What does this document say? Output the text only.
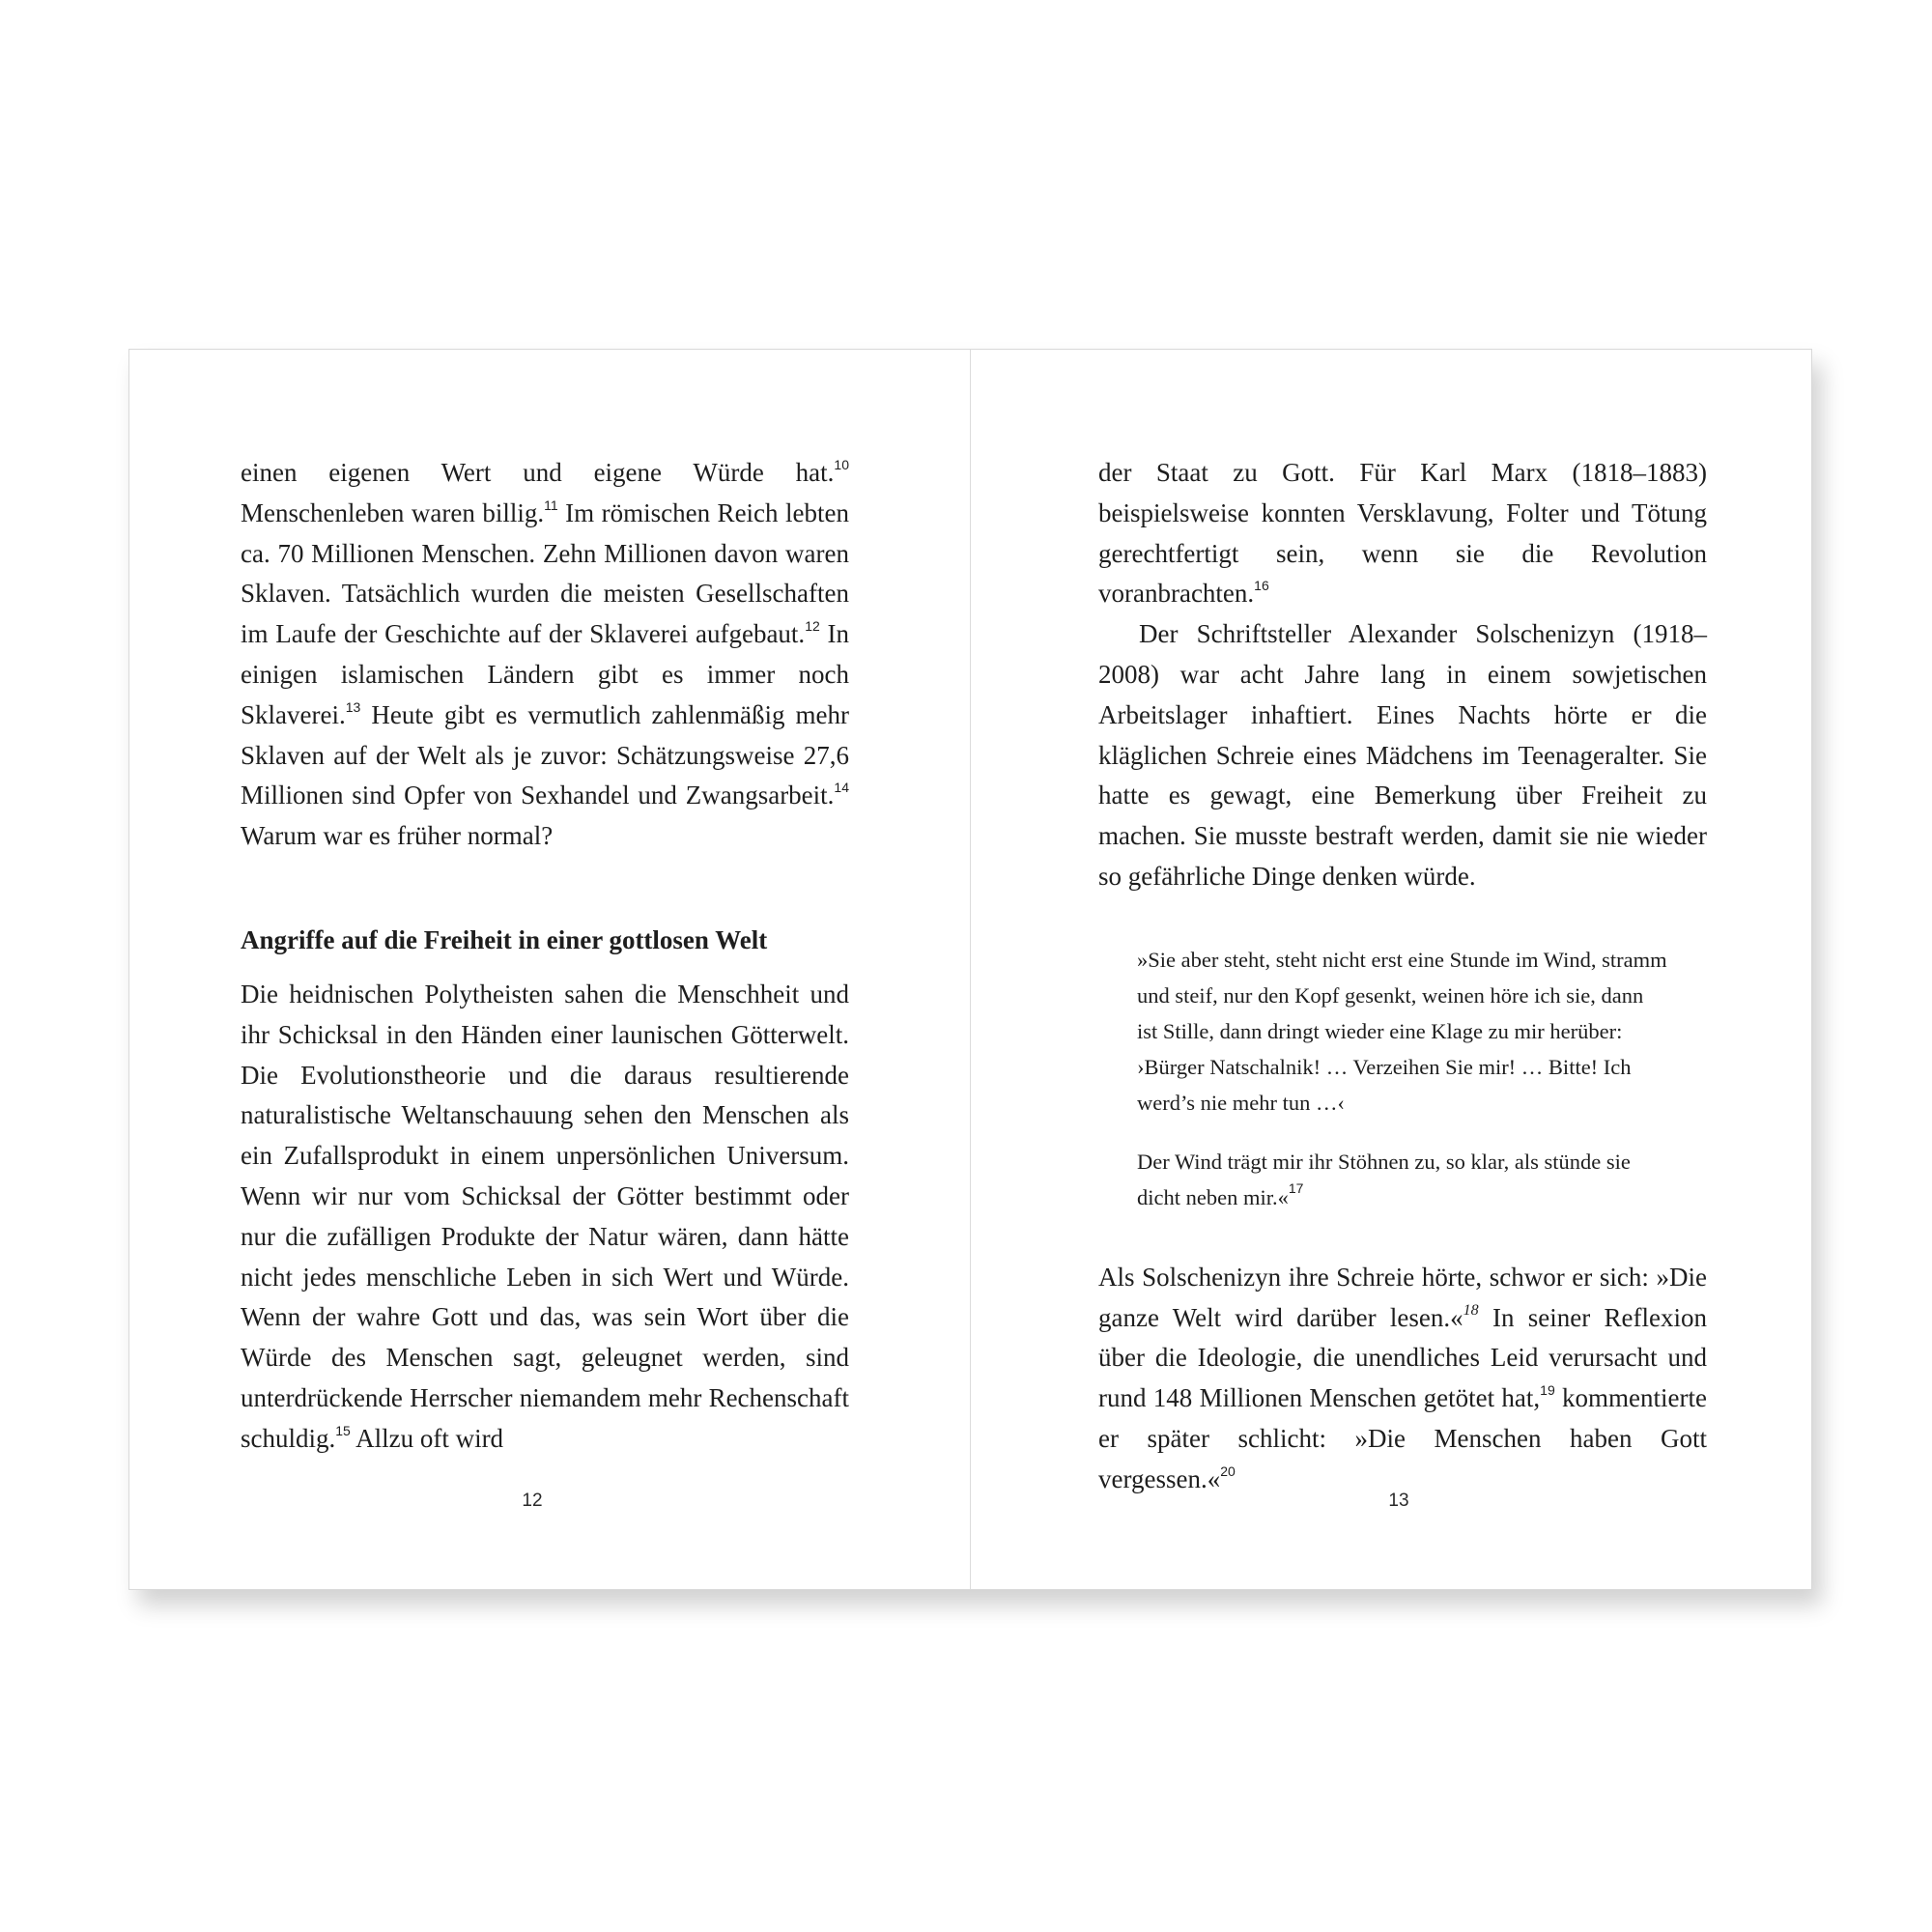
einen eigenen Wert und eigene Würde hat.$^{10}$ Menschenleben waren billig.$^{11}$ Im römischen Reich lebten ca. 70 Millionen Menschen. Zehn Millionen davon waren Sklaven. Tatsächlich wurden die meisten Gesellschaften im Laufe der Geschichte auf der Sklaverei aufgebaut.$^{12}$ In einigen islamischen Ländern gibt es immer noch Sklaverei.$^{13}$ Heute gibt es vermutlich zahlenmäßig mehr Sklaven auf der Welt als je zuvor: Schätzungsweise 27,6 Millionen sind Opfer von Sexhandel und Zwangsarbeit.$^{14}$ Warum war es früher normal?

Angriffe auf die Freiheit in einer gottlosen Welt

Die heidnischen Polytheisten sahen die Menschheit und ihr Schicksal in den Händen einer launischen Götterwelt. Die Evolutionstheorie und die daraus resultierende naturalistische Weltanschauung sehen den Menschen als ein Zufallsprodukt in einem unpersönlichen Universum. Wenn wir nur vom Schicksal der Götter bestimmt oder nur die zufälligen Produkte der Natur wären, dann hätte nicht jedes menschliche Leben in sich Wert und Würde. Wenn der wahre Gott und das, was sein Wort über die Würde des Menschen sagt, geleugnet werden, sind unterdrückende Herrscher niemandem mehr Rechenschaft schuldig.$^{15}$ Allzu oft wird

12

der Staat zu Gott. Für Karl Marx (1818–1883) beispielsweise konnten Versklavung, Folter und Tötung gerechtfertigt sein, wenn sie die Revolution voranbrachten.$^{16}$

Der Schriftsteller Alexander Solschenizyn (1918–2008) war acht Jahre lang in einem sowjetischen Arbeitslager inhaftiert. Eines Nachts hörte er die kläglichen Schreie eines Mädchens im Teenageralter. Sie hatte es gewagt, eine Bemerkung über Freiheit zu machen. Sie musste bestraft werden, damit sie nie wieder so gefährliche Dinge denken würde.

»Sie aber steht, steht nicht erst eine Stunde im Wind, stramm und steif, nur den Kopf gesenkt, weinen höre ich sie, dann ist Stille, dann dringt wieder eine Klage zu mir herüber: ›Bürger Natschalnik! … Verzeihen Sie mir! … Bitte! Ich werd’s nie mehr tun …‹

Der Wind trägt mir ihr Stöhnen zu, so klar, als stünde sie dicht neben mir.«$^{17}$

Als Solschenizyn ihre Schreie hörte, schwor er sich: »Die ganze Welt wird darüber lesen.«$^{18}$ In seiner Reflexion über die Ideologie, die unendliches Leid verursacht und rund 148 Millionen Menschen getötet hat,$^{19}$ kommentierte er später schlicht: »Die Menschen haben Gott vergessen.«$^{20}$

13
